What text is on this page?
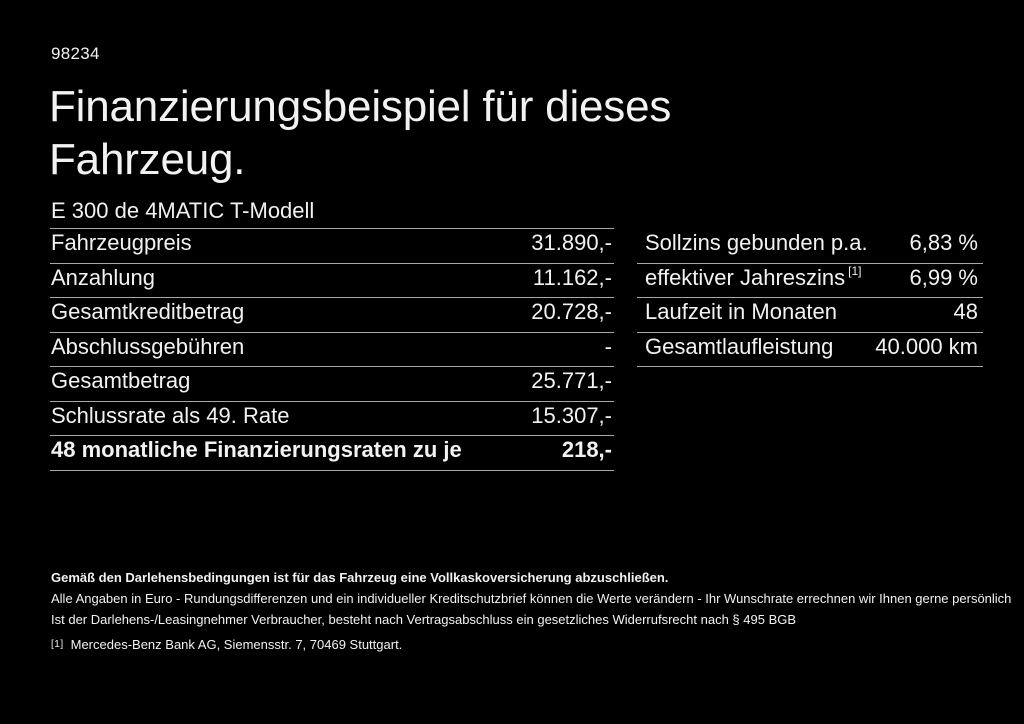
98234
Finanzierungsbeispiel für dieses Fahrzeug.
E 300 de 4MATIC T-Modell
Fahrzeugpreis	31.890,-
Anzahlung	11.162,-
Gesamtkreditbetrag	20.728,-
Abschlussgebühren	-
Gesamtbetrag	25.771,-
Schlussrate als 49. Rate	15.307,-
48 monatliche Finanzierungsraten zu je	218,-
Sollzins gebunden p.a. 6,83 %
effektiver Jahreszins [1] 6,99 %
Laufzeit in Monaten	48
Gesamtlaufleistung 40.000 km
Gemäß den Darlehensbedingungen ist für das Fahrzeug eine Vollkaskoversicherung abzuschließen.
Alle Angaben in Euro - Rundungsdifferenzen und ein individueller Kreditschutzbrief können die Werte verändern - Ihr Wunschrate errechnen wir Ihnen gerne persönlich
Ist der Darlehens-/Leasingnehmer Verbraucher, besteht nach Vertragsabschluss ein gesetzliches Widerrufsrecht nach § 495 BGB
[1] Mercedes-Benz Bank AG, Siemensstr. 7, 70469 Stuttgart.
